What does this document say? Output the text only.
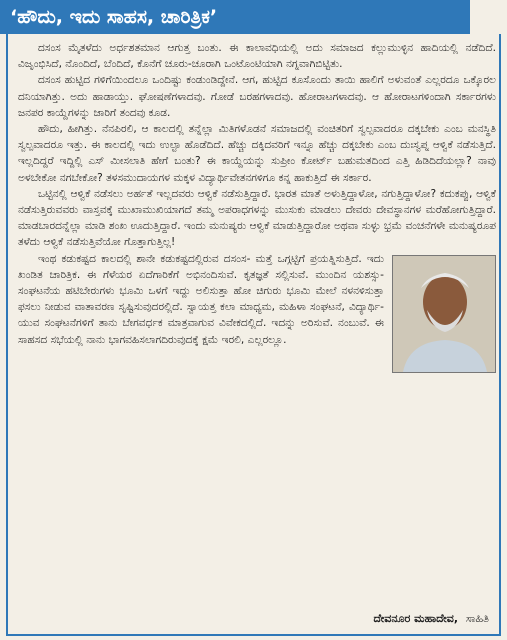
‘ಹೌದು, ಇದು ಸಾಹಸ, ಚಾರಿತ್ರಿಕ’

ದಸಂಸ ಮೈತಳೆದು ಅರ್ಧಶತಮಾನ ಆಗುತ್ತ ಬಂತು. ಈ ಕಾಲಾವಧಿಯಲ್ಲಿ ಅದು ಸಮಾಜದ ಕಲ್ಲುಮುಳ್ಳಿನ ಹಾದಿಯಲ್ಲಿ ನಡೆದಿದೆ. ವಿಜೃಂಭಿಸಿದೆ, ನೊಂದಿದೆ, ಬೆಂದಿದೆ, ಕೊನೆಗೆ ಚೂರು-ಚೂರಾಗಿ ಒಂಟೊಂಟಿಯಾಗಿ ನಗ್ನವಾಗಿಬಿಟ್ಟಿತು.

ದಸಂಸ ಹುಟ್ಟಿದ ಗಳಿಗೆಯಿಂದಲೂ ಒಂದಿಷ್ಟು ಕಂಡುಂಡಿದ್ದೇನೆ. ಆಗ, ಹುಟ್ಟಿದ ಕೂಸೊಂದು ತಾಯಿ ಹಾಲಿಗೆ ಅಳುವಂತೆ ಎಲ್ಲರದೂ ಒಕ್ಕೊರಲ ದನಿಯಾಗಿತ್ತು. ಅದು ಹಾಡಾಯ್ತು. ಘೋಷಣೆಗಳಾದವು. ಗೋಡೆ ಬರಹಗಳಾದವು. ಹೋರಾಟಗಳಾದವು. ಆ ಹೋರಾಟಗಳಿಂದಾಗಿ ಸರ್ಕಾರಗಳು ಜನಪರ ಕಾಯ್ದೆಗಳನ್ನು ಜಾರಿಗೆ ತಂದವು ಕೂಡ.

ಹೌದು, ಹೀಗಿತ್ತು. ನೆನಪಿರಲಿ, ಆ ಕಾಲದಲ್ಲಿ ತನ್ನೆಲ್ಲಾ ಮಿತಿಗಳೊಡನೆ ಸಮಾಜದಲ್ಲಿ ವಂಚಿತರಿಗೆ ಸ್ವಲ್ಪವಾದರೂ ದಕ್ಕಬೇಕು ಎಂಬ ಮನಸ್ಥಿತಿ ಸ್ವಲ್ಪವಾದರೂ ಇತ್ತು. ಈ ಕಾಲದಲ್ಲಿ ಇದು ಉಲ್ಟಾ ಹೊಡೆದಿದೆ. ಹೆಚ್ಚು ದಕ್ಕಿದವರಿಗೆ ಇನ್ನೂ ಹೆಚ್ಚು ದಕ್ಕಬೇಕು ಎಂಬ ದುಃಸ್ವಪ್ನ ಆಳ್ವಿಕೆ ನಡೆಸುತ್ತಿದೆ. ಇಲ್ಲದಿದ್ದರೆ ಇದ್ದಿಲ್ಲಿ ಎಸ್ ಮೀಸಲಾತಿ ಹೇಗೆ ಬಂತು? ಈ ಕಾಯ್ದೆಯನ್ನು ಸುಪ್ರೀಂ ಕೋರ್ಟ್ ಬಹುಮತದಿಂದ ಎತ್ತಿ ಹಿಡಿದಿದೆಯಲ್ಲಾ? ನಾವು ಅಳಬೇಕೋ ನಗಬೇಕೋ? ತಳಸಮುದಾಯಗಳ ಮಕ್ಕಳ ವಿದ್ಯಾರ್ಥಿವೇತನಗಳಿಗೂ ಕನ್ನ ಹಾಕುತ್ತಿದೆ ಈ ಸರ್ಕಾರ.

ಒಟ್ಟಿನಲ್ಲಿ ಆಳ್ವಿಕೆ ನಡೆಸಲು ಅರ್ಹತೆ ಇಲ್ಲದವರು ಆಳ್ವಿಕೆ ನಡೆಸುತ್ತಿದ್ದಾರೆ. ಭಾರತ ಮಾತೆ ಅಳುತ್ತಿದ್ದಾಳೋ, ನಗುತ್ತಿದ್ದಾಳೋ? ಕದುಕಪ್ಪು, ಆಳ್ವಿಕೆ ನಡೆಸುತ್ತಿರುವವರು ವಾಸ್ತವಕ್ಕೆ ಮುಖಾಮುಖಿಯಾಗದೆ ತಮ್ಮ ಅಪರಾಧಗಳನ್ನು ಮುಸುಕು ಮಾಡಲು ದೇವರು ದೇವಸ್ಥಾನಗಳ ಮರೆಹೋಗುತ್ತಿದ್ದಾರೆ. ಮಾಡಬಾರದನ್ನೆಲ್ಲಾ ಮಾಡಿ ಶಂಖ ಊದುತ್ತಿದ್ದಾರೆ. ಇಂದು ಮನುಷ್ಯರು ಆಳ್ವಿಕೆ ಮಾಡುತ್ತಿದ್ದಾರೋ ಅಥವಾ ಸುಳ್ಳು ಭ್ರಮೆ ವಂಚನೆಗಳೇ ಮನುಷ್ಯರೂಪ ತಳೆದು ಆಳ್ವಿಕೆ ನಡೆಸುತ್ತಿವೆಯೋ ಗೊತ್ತಾಗುತ್ತಿಲ್ಲ!

ಇಂಥ ಕಡುಕಷ್ಟದ ಕಾಲದಲ್ಲಿ ಶಾನೇ ಕಡುಕಷ್ಟದಲ್ಲಿರುವ ದಸಂಸ- ಮತ್ತೆ ಒಗ್ಗಟ್ಟಿಗೆ ಪ್ರಯತ್ನಿಸುತ್ತಿದೆ. ಇದು ಖಂಡಿತ ಚಾರಿತ್ರಿಕ. ಈ ಗೆಳೆಯರ ಏದೆಗಾರಿಕೆಗೆ ಅಭಿನಂದಿಸುವೆ. ಕೃತಜ್ಞತೆ ಸಲ್ಲಿಸುವೆ. ಮುಂದಿನ ಯಶಸ್ಸು-ಸಂಘಟನೆಯ ಹಟಿಬೇರುಗಳು ಭೂಮಿ ಒಳಗೆ ಇದ್ದು ಅಲಿಸುತ್ತಾ ಹೋ ಚಿಗುರು ಭೂಮಿ ಮೇಲೆ ನಳನಳಿಸುತ್ತಾ ಫಸಲು ನೀಡುವ ವಾತಾವರಣ ಸೃಷ್ಟಿಸುವುದರಲ್ಲಿದೆ. ಸ್ವಾಯತ್ತ ಕಲಾ ಮಾಧ್ಯಮ, ಮಹಿಳಾ ಸಂಘಟನೆ, ವಿದ್ಯಾರ್ಥಿ-ಯುವ ಸಂಘಟನೆಗಳಿಗೆ ತಾನು ಬೇಗವರ್ಧಕ ಮಾತ್ರವಾಗುವ ವಿವೇಕದಲ್ಲಿದೆ. ಇದನ್ನು ಅರಿಸುವೆ. ನಂಬುವೆ. ಈ ಸಾಹಸದ ಸಭೆಯಲ್ಲಿ ನಾನು ಭಾಗವಹಿಸಲಾಗದಿರುವುದಕ್ಕೆ ಕ್ಷಮೆ ಇರಲಿ, ಎಲ್ಲರಲ್ಲೂ.

ದೇವನೂರ ಮಹಾದೇವ, ಸಾಹಿತಿ
